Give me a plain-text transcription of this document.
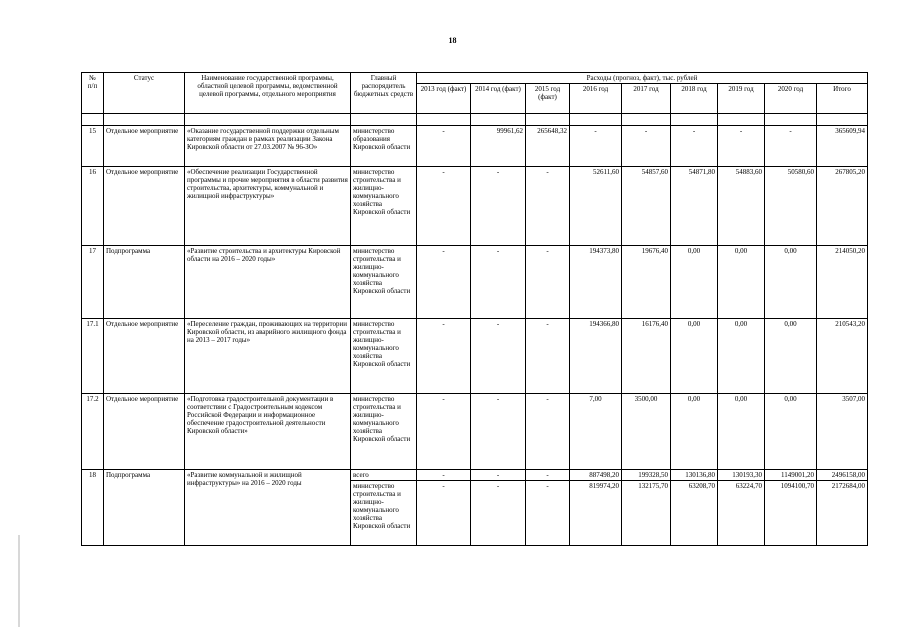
18
№
п/п	Статус	Наименование государственной программы, областной целевой программы, ведомственной целевой программы, отдельного мероприятия	Главный распорядитель бюджетных средств	Расходы (прогноз, факт), тыс. рублей								
				2013 год (факт)	2014 год (факт)	2015 год (факт)	2016 год	2017 год	2018 год	2019 год	2020 год	Итого

15	Отдельное мероприятие	«Оказание государственной поддержки отдельным категориям граждан в рамках реализации Закона Кировской области от 27.03.2007 № 96-ЗО»	министерство образования Кировской области	-	99961,62	265648,32	-	-	-	-	-	365609,94
16	Отдельное мероприятие	«Обеспечение реализации Государственной программы и прочие мероприятия в области развития строительства, архитектуры, коммунальной и жилищной инфраструктуры»	министерство строительства и жилищно-коммунального хозяйства Кировской области	-	-	-	52611,60	54857,60	54871,80	54883,60	50580,60	267805,20
17	Подпрограмма	«Развитие строительства и архитектуры Кировской области на 2016 – 2020 годы»	министерство строительства и жилищно-коммунального хозяйства Кировской области	-	-	-	194373,80	19676,40	0,00	0,00	0,00	214050,20
17.1	Отдельное мероприятие	«Переселение граждан, проживающих на территории Кировской области, из аварийного жилищного фонда на 2013 – 2017 годы»	министерство строительства и жилищно-коммунального хозяйства Кировской области	-	-	-	194366,80	16176,40	0,00	0,00	0,00	210543,20
17.2	Отдельное мероприятие	«Подготовка градостроительной документации в соответствии с Градостроительным кодексом Российской Федерации и информационное обеспечение градостроительной деятельности Кировской области»	министерство строительства и жилищно-коммунального хозяйства Кировской области	-	-	-	7,00	3500,00	0,00	0,00	0,00	3507,00
18	Подпрограмма	«Развитие коммунальной и жилищной инфраструктуры» на 2016 – 2020 годы	всего	-	-	-	887498,20	199328,50	130136,80	130193,30	1149001,20	2496158,00
			министерство строительства и жилищно-коммунального хозяйства Кировской области	-	-	-	819974,20	132175,70	63208,70	63224,70	1094100,70	2172684,00
